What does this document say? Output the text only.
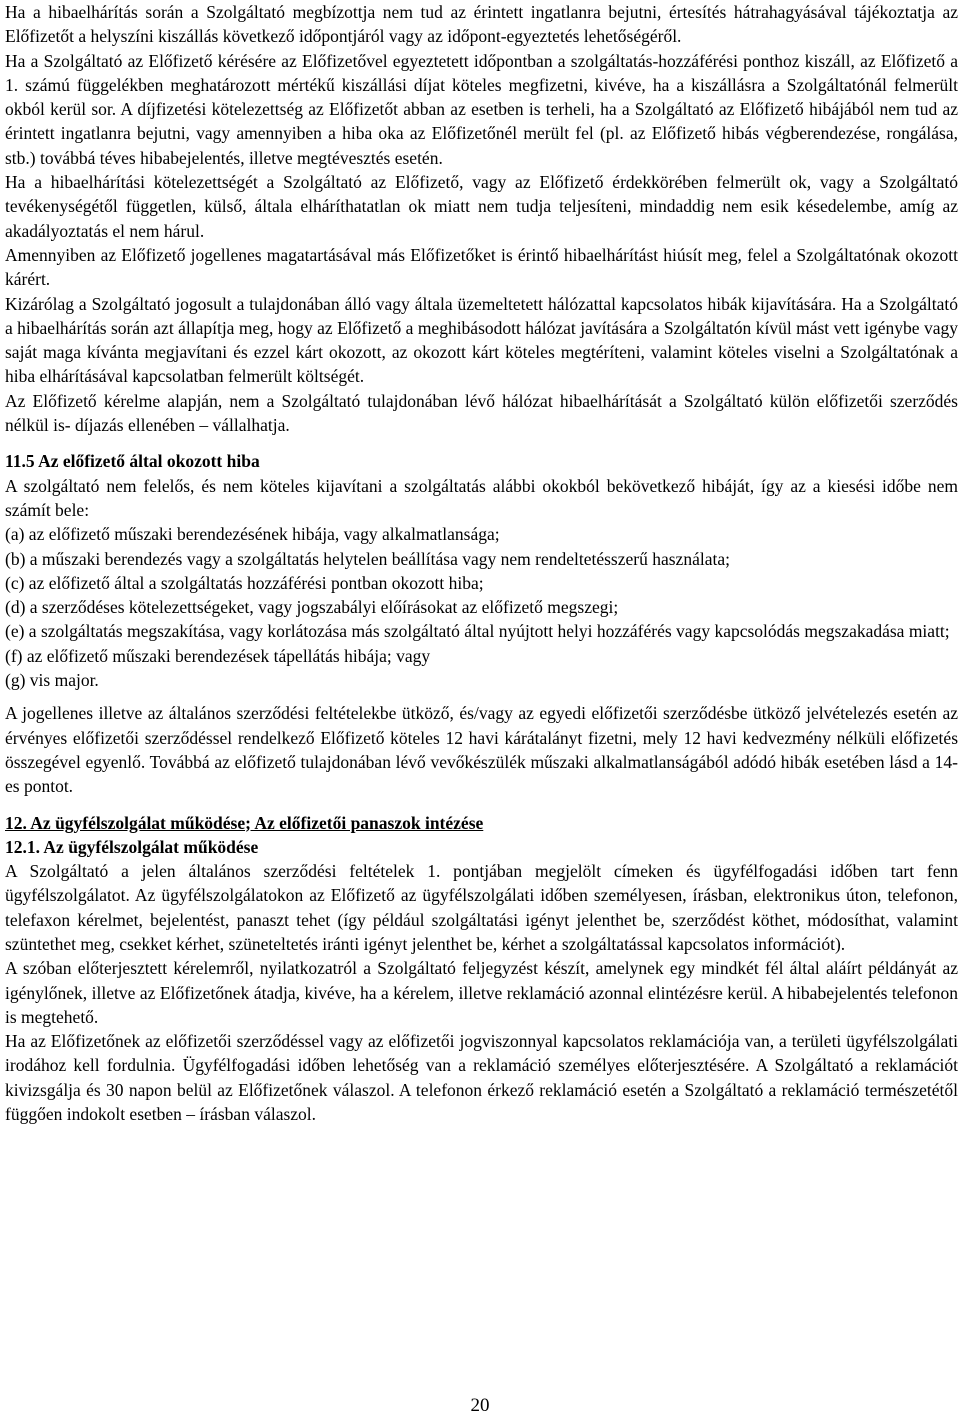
Ha a hibaelhárítás során a Szolgáltató megbízottja nem tud az érintett ingatlanra bejutni, értesítés hátrahagyásával tájékoztatja az Előfizetőt a helyszíni kiszállás következő időpontjáról vagy az időpont-egyeztetés lehetőségéről.

Ha a Szolgáltató az Előfizető kérésére az Előfizetővel egyeztetett időpontban a szolgáltatás-hozzáférési ponthoz kiszáll, az Előfizető a 1. számú függelékben meghatározott mértékű kiszállási díjat köteles megfizetni, kivéve, ha a kiszállásra a Szolgáltatónál felmerült okból kerül sor. A díjfizetési kötelezettség az Előfizetőt abban az esetben is terheli, ha a Szolgáltató az Előfizető hibájából nem tud az érintett ingatlanra bejutni, vagy amennyiben a hiba oka az Előfizetőnél merült fel (pl. az Előfizető hibás végberendezése, rongálása, stb.) továbbá téves hibabejelentés, illetve megtévesztés esetén.

Ha a hibaelhárítási kötelezettségét a Szolgáltató az Előfizető, vagy az Előfizető érdekkörében felmerült ok, vagy a Szolgáltató tevékenységétől független, külső, általa elháríthatatlan ok miatt nem tudja teljesíteni, mindaddig nem esik késedelembe, amíg az akadályoztatás el nem hárul.

Amennyiben az Előfizető jogellenes magatartásával más Előfizetőket is érintő hibaelhárítást hiúsít meg, felel a Szolgáltatónak okozott kárért.

Kizárólag a Szolgáltató jogosult a tulajdonában álló vagy általa üzemeltetett hálózattal kapcsolatos hibák kijavítására. Ha a Szolgáltató a hibaelhárítás során azt állapítja meg, hogy az Előfizető a meghibásodott hálózat javítására a Szolgáltatón kívül mást vett igénybe vagy saját maga kívánta megjavítani és ezzel kárt okozott, az okozott kárt köteles megtéríteni, valamint köteles viselni a Szolgáltatónak a hiba elhárításával kapcsolatban felmerült költségét.

Az Előfizető kérelme alapján, nem a Szolgáltató tulajdonában lévő hálózat hibaelhárítását a Szolgáltató külön előfizetői szerződés nélkül is- díjazás ellenében – vállalhatja.

11.5 Az előfizető által okozott hiba

A szolgáltató nem felelős, és nem köteles kijavítani a szolgáltatás alábbi okokból bekövetkező hibáját, így az a kiesési időbe nem számít bele:

(a) az előfizető műszaki berendezésének hibája, vagy alkalmatlansága;

(b) a műszaki berendezés vagy a szolgáltatás helytelen beállítása vagy nem rendeltetésszerű használata;

(c) az előfizető által a szolgáltatás hozzáférési pontban okozott hiba;

(d) a szerződéses kötelezettségeket, vagy jogszabályi előírásokat az előfizető megszegi;

(e) a szolgáltatás megszakítása, vagy korlátozása más szolgáltató által nyújtott helyi hozzáférés vagy kapcsolódás megszakadása miatt;

(f) az előfizető műszaki berendezések tápellátás hibája; vagy

(g) vis major.

A jogellenes illetve az általános szerződési feltételekbe ütköző, és/vagy az egyedi előfizetői szerződésbe ütköző jelvételezés esetén az érvényes előfizetői szerződéssel rendelkező Előfizető köteles 12 havi kárátalányt fizetni, mely 12 havi kedvezmény nélküli előfizetés összegével egyenlő. Továbbá az előfizető tulajdonában lévő vevőkészülék műszaki alkalmatlanságából adódó hibák esetében lásd a 14-es pontot.

12. Az ügyfélszolgálat működése; Az előfizetői panaszok intézése

12.1. Az ügyfélszolgálat működése

A Szolgáltató a jelen általános szerződési feltételek 1. pontjában megjelölt címeken és ügyfélfogadási időben tart fenn ügyfélszolgálatot. Az ügyfélszolgálatokon az Előfizető az ügyfélszolgálati időben személyesen, írásban, elektronikus úton, telefonon, telefaxon kérelmet, bejelentést, panaszt tehet (így például szolgáltatási igényt jelenthet be, szerződést köthet, módosíthat, valamint szüntethet meg, csekket kérhet, szüneteltetés iránti igényt jelenthet be, kérhet a szolgáltatással kapcsolatos információt).

A szóban előterjesztett kérelemről, nyilatkozatról a Szolgáltató feljegyzést készít, amelynek egy mindkét fél által aláírt példányát az igénylőnek, illetve az Előfizetőnek átadja, kivéve, ha a kérelem, illetve reklamáció azonnal elintézésre kerül. A hibabejelentés telefonon is megtehető.

Ha az Előfizetőnek az előfizetői szerződéssel vagy az előfizetői jogviszonnyal kapcsolatos reklamációja van, a területi ügyfélszolgálati irodához kell fordulnia. Ügyfélfogadási időben lehetőség van a reklamáció személyes előterjesztésére. A Szolgáltató a reklamációt kivizsgálja és 30 napon belül az Előfizetőnek válaszol. A telefonon érkező reklamáció esetén a Szolgáltató a reklamáció természetétől függően indokolt esetben – írásban válaszol.

20
